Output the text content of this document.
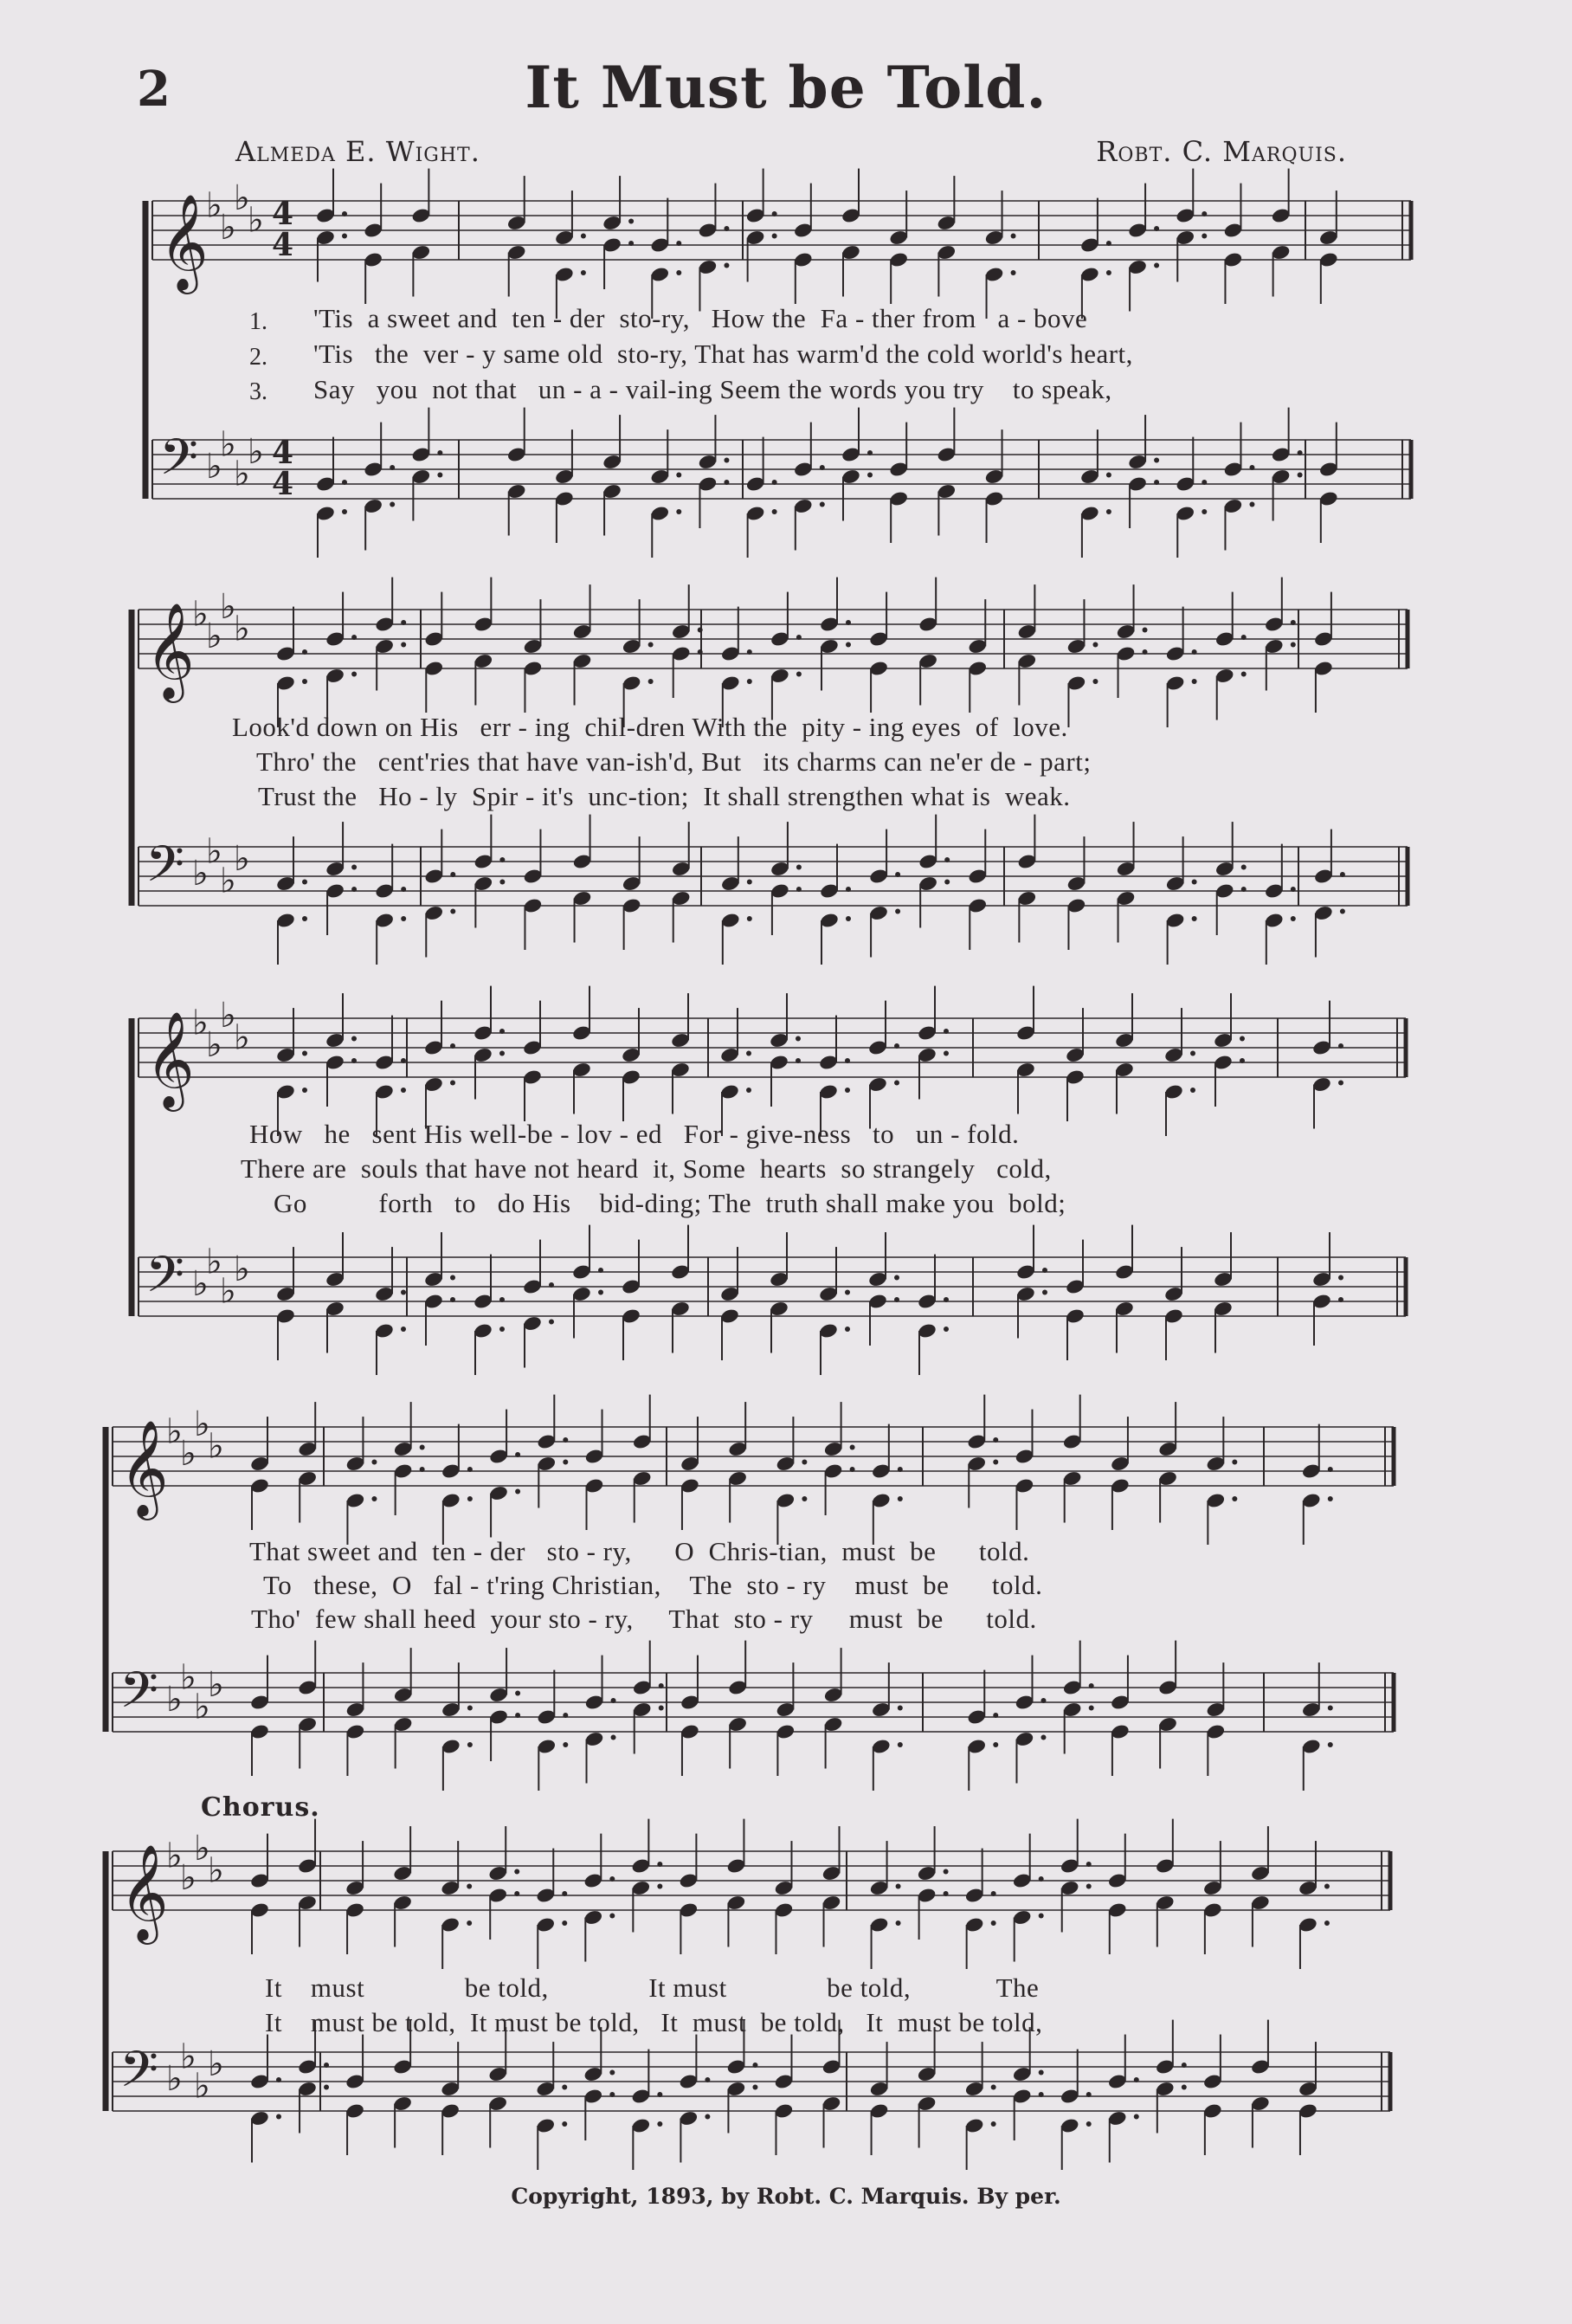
2	It Must be Told.
Almeda E. Wight.	Robt. C. Marquis.
𝄞
♭
♭
♭
♭ 4
4
𝄢 ♭
♭
♭
♭ 4
4
𝄞
♭
♭
♭
♭
𝄢 ♭
♭
♭
♭
𝄞
♭
♭
♭
♭
𝄢 ♭
♭
♭
♭
𝄞
♭
♭
♭
♭
𝄢 ♭
♭
♭
♭
𝄞
♭
♭
♭
♭
𝄢 ♭
♭
♭
♭
1.
2.
3.
'Tis  a sweet and  ten - der  sto-ry,   How the  Fa - ther from   a - bove
'Tis   the  ver - y same old  sto-ry, That has warm'd the cold world's heart,
Say   you  not that   un - a - vail-ing Seem the words you try    to speak,
Look'd down on His   err - ing  chil-dren With the  pity - ing eyes  of  love.
Thro' the   cent'ries that have van-ish'd, But   its charms can ne'er de - part;
Trust the   Ho - ly  Spir - it's  unc-tion;  It shall strengthen what is  weak.
How   he   sent His well-be - lov - ed   For - give-ness   to   un - fold.
There are  souls that have not heard  it, Some  hearts  so strangely   cold,
Go          forth   to   do His    bid-ding; The  truth shall make you  bold;
That sweet and  ten - der   sto - ry,      O  Chris-tian,  must  be      told.
To   these,  O   fal - t'ring Christian,    The  sto - ry    must  be      told.
Tho'  few shall heed  your sto - ry,     That  sto - ry     must  be      told.
Chorus.
It    must              be told,              It must              be told,            The
It    must be told,  It must be told,   It  must  be told,   It  must be told,
Copyright, 1893, by Robt. C. Marquis. By per.
